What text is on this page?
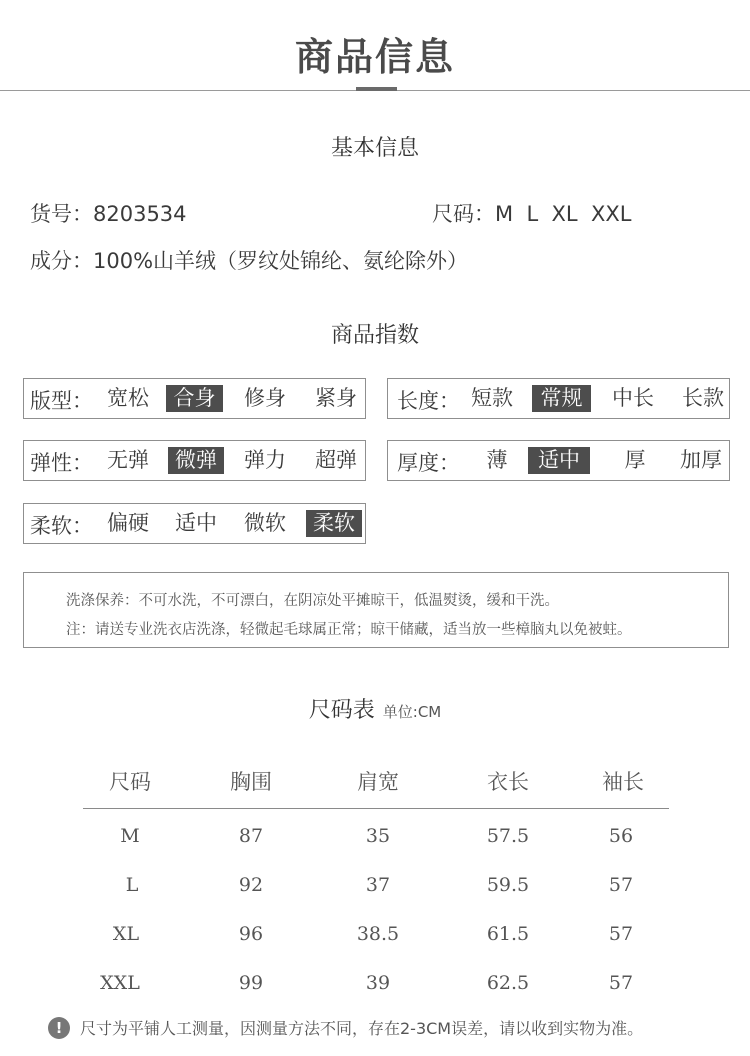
商品信息
基本信息
货号：8203534	尺码：M  L  XL  XXL
成分：100%山羊绒（罗纹处锦纶、氨纶除外）
商品指数
版型： 宽松	合身	修身 紧身 长度： 短款	常规	中长 长款
弹性： 无弹	微弹	弹力 超弹 厚度： 薄	适中	厚 加厚
柔软： 偏硬 适中 微软	柔软
洗涤保养：不可水洗，不可漂白，在阴凉处平摊晾干，低温熨烫，缓和干洗。
注：请送专业洗衣店洗涤，轻微起毛球属正常；晾干储藏，适当放一些樟脑丸以免被蛀。
尺码表 单位:CM
尺码	胸围	肩宽	衣长	袖长
M	87	35	57.5	56
L	92	37	59.5	57
XL	96	38.5	61.5	57
XXL	99	39	62.5	57
! 尺寸为平铺人工测量，因测量方法不同，存在2-3CM误差，请以收到实物为准。
